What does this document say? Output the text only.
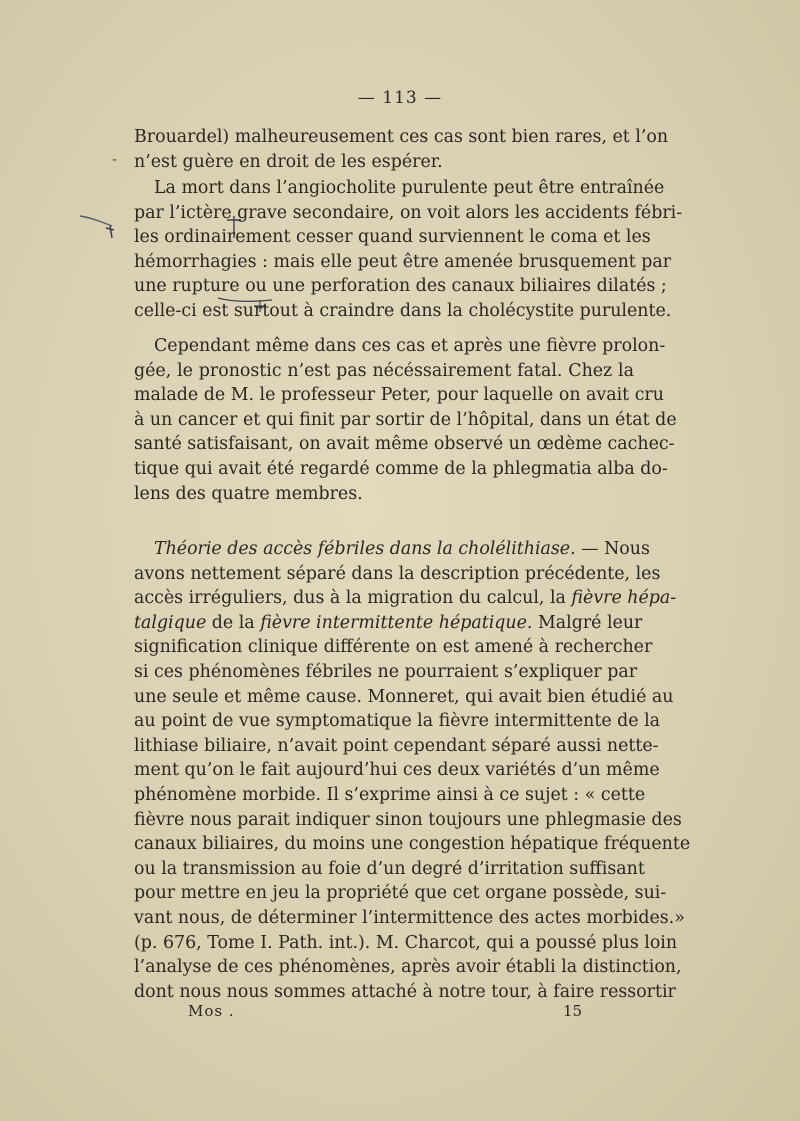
— 113 —
-
Brouardel) malheureusement ces cas sont bien rares, et l’on
n’est guère en droit de les espérer.
La mort dans l’angiocholite purulente peut être entraînée
par l’ictère grave secondaire, on voit alors les accidents fébri-
les ordinairement cesser quand surviennent le coma et les
hémorrhagies : mais elle peut être amenée brusquement par
une rupture ou une perforation des canaux biliaires dilatés ;
celle-ci est surtout à craindre dans la cholécystite purulente.
Cependant même dans ces cas et après une fièvre prolon-
gée, le pronostic n’est pas nécéssairement fatal. Chez la
malade de M. le professeur Peter, pour laquelle on avait cru
à un cancer et qui finit par sortir de l’hôpital, dans un état de
santé satisfaisant, on avait même observé un œdème cachec-
tique qui avait été regardé comme de la phlegmatia alba do-
lens des quatre membres.
Théorie des accès fébriles dans la cholélithiase. — Nous
avons nettement séparé dans la description précédente, les
accès irréguliers, dus à la migration du calcul, la fièvre hépa-
talgique de la fièvre intermittente hépatique. Malgré leur
signification clinique différente on est amené à rechercher
si ces phénomènes fébriles ne pourraient s’expliquer par
une seule et même cause. Monneret, qui avait bien étudié au
au point de vue symptomatique la fièvre intermittente de la
lithiase biliaire, n’avait point cependant séparé aussi nette-
ment qu’on le fait aujourd’hui ces deux variétés d’un même
phénomène morbide. Il s’exprime ainsi à ce sujet : « cette
fièvre nous parait indiquer sinon toujours une phlegmasie des
canaux biliaires, du moins une congestion hépatique fréquente
ou la transmission au foie d’un degré d’irritation suffisant
pour mettre en jeu la propriété que cet organe possède, sui-
vant nous, de déterminer l’intermittence des actes morbides.»
(p. 676, Tome I. Path. int.). M. Charcot, qui a poussé plus loin
l’analyse de ces phénomènes, après avoir établi la distinction,
dont nous nous sommes attaché à notre tour, à faire ressortir
Mos .	15
